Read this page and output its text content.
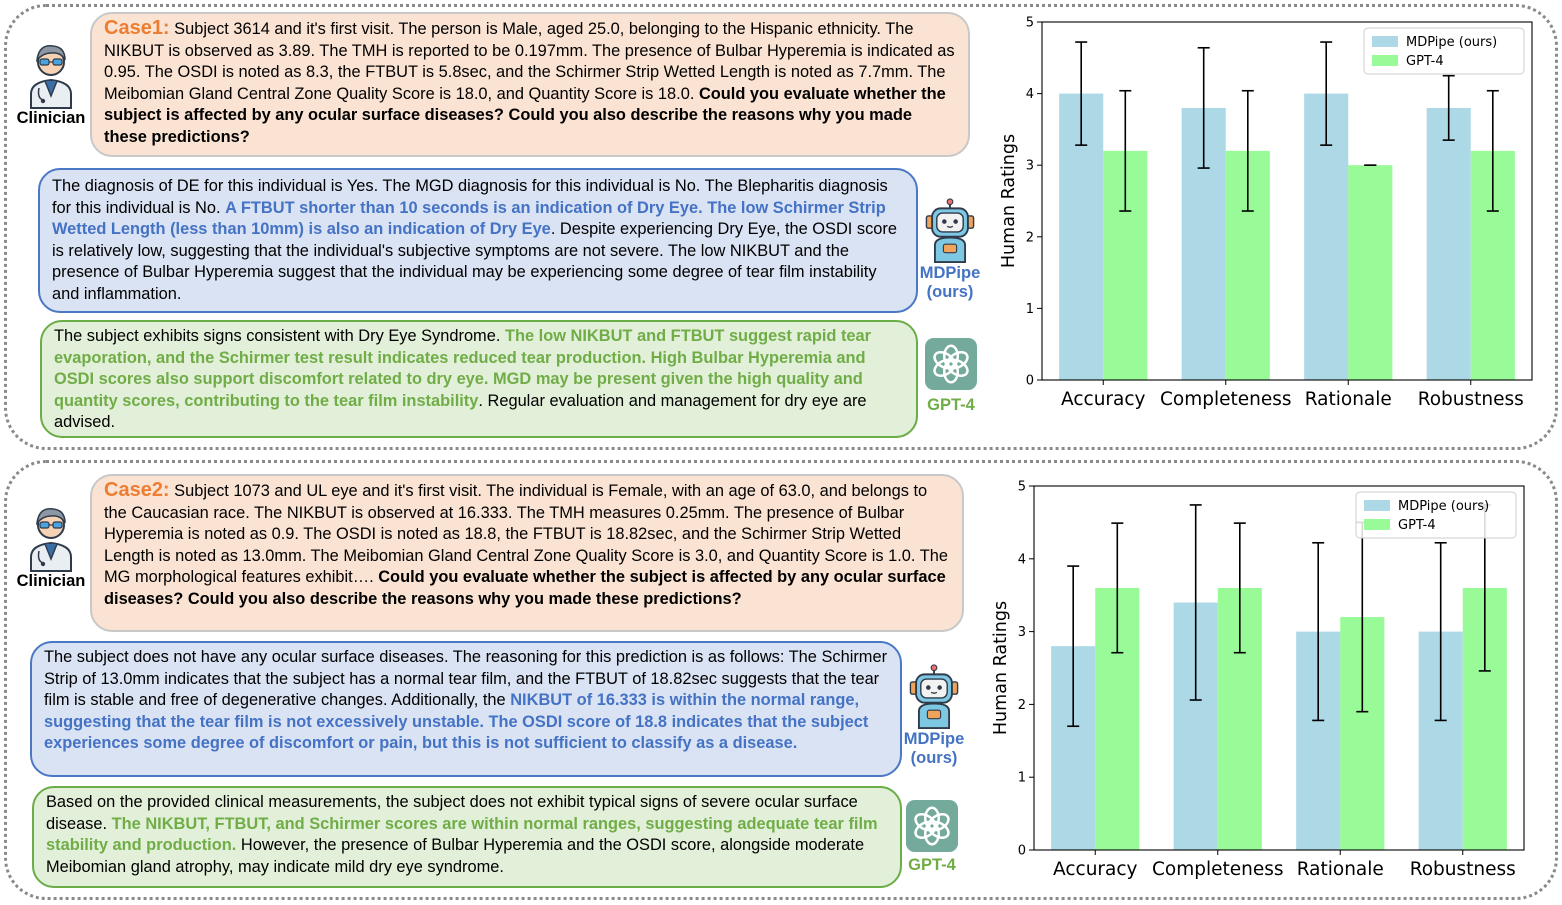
Clinician
Case1: Subject 3614 and it's first visit. The person is Male, aged 25.0, belonging to the Hispanic ethnicity. The NIKBUT is observed as 3.89. The TMH is reported to be 0.197mm. The presence of Bulbar Hyperemia is indicated as 0.95. The OSDI is noted as 8.3, the FTBUT is 5.8sec, and the Schirmer Strip Wetted Length is noted as 7.7mm. The Meibomian Gland Central Zone Quality Score is 18.0, and Quantity Score is 18.0. Could you evaluate whether the subject is affected by any ocular surface diseases? Could you also describe the reasons why you made these predictions?
The diagnosis of DE for this individual is Yes. The MGD diagnosis for this individual is No. The Blepharitis diagnosis for this individual is No. A FTBUT shorter than 10 seconds is an indication of Dry Eye. The low Schirmer Strip Wetted Length (less than 10mm) is also an indication of Dry Eye. Despite experiencing Dry Eye, the OSDI score is relatively low, suggesting that the individual's subjective symptoms are not severe. The low NIKBUT and the presence of Bulbar Hyperemia suggest that the individual may be experiencing some degree of tear film instability and inflammation.
MDPipe
(ours)
The subject exhibits signs consistent with Dry Eye Syndrome. The low NIKBUT and FTBUT suggest rapid tear evaporation, and the Schirmer test result indicates reduced tear production. High Bulbar Hyperemia and OSDI scores also support discomfort related to dry eye. MGD may be present given the high quality and quantity scores, contributing to the tear film instability. Regular evaluation and management for dry eye are advised.
GPT-4
0
1
2
3
4
5
Accuracy Completeness Rationale Robustness
Human Ratings
MDPipe (ours)
GPT-4
Clinician
Case2: Subject 1073 and UL eye and it's first visit. The individual is Female, with an age of 63.0, and belongs to the Caucasian race. The NIKBUT is observed at 16.333. The TMH measures 0.25mm. The presence of Bulbar Hyperemia is noted as 0.9. The OSDI is noted as 18.8, the FTBUT is 18.82sec, and the Schirmer Strip Wetted Length is noted as 13.0mm. The Meibomian Gland Central Zone Quality Score is 3.0, and Quantity Score is 1.0. The MG morphological features exhibit…. Could you evaluate whether the subject is affected by any ocular surface diseases? Could you also describe the reasons why you made these predictions?
The subject does not have any ocular surface diseases. The reasoning for this prediction is as follows: The Schirmer Strip of 13.0mm indicates that the subject has a normal tear film, and the FTBUT of 18.82sec suggests that the tear film is stable and free of degenerative changes. Additionally, the NIKBUT of 16.333 is within the normal range, suggesting that the tear film is not excessively unstable. The OSDI score of 18.8 indicates that the subject experiences some degree of discomfort or pain, but this is not sufficient to classify as a disease.	MDPipe
(ours)
Based on the provided clinical measurements, the subject does not exhibit typical signs of severe ocular surface disease. The NIKBUT, FTBUT, and Schirmer scores are within normal ranges, suggesting adequate tear film stability and production. However, the presence of Bulbar Hyperemia and the OSDI score, alongside moderate Meibomian gland atrophy, may indicate mild dry eye syndrome.	GPT-4
0
1
2
3
4
5
Accuracy Completeness Rationale Robustness
Human Ratings
MDPipe (ours)
GPT-4
